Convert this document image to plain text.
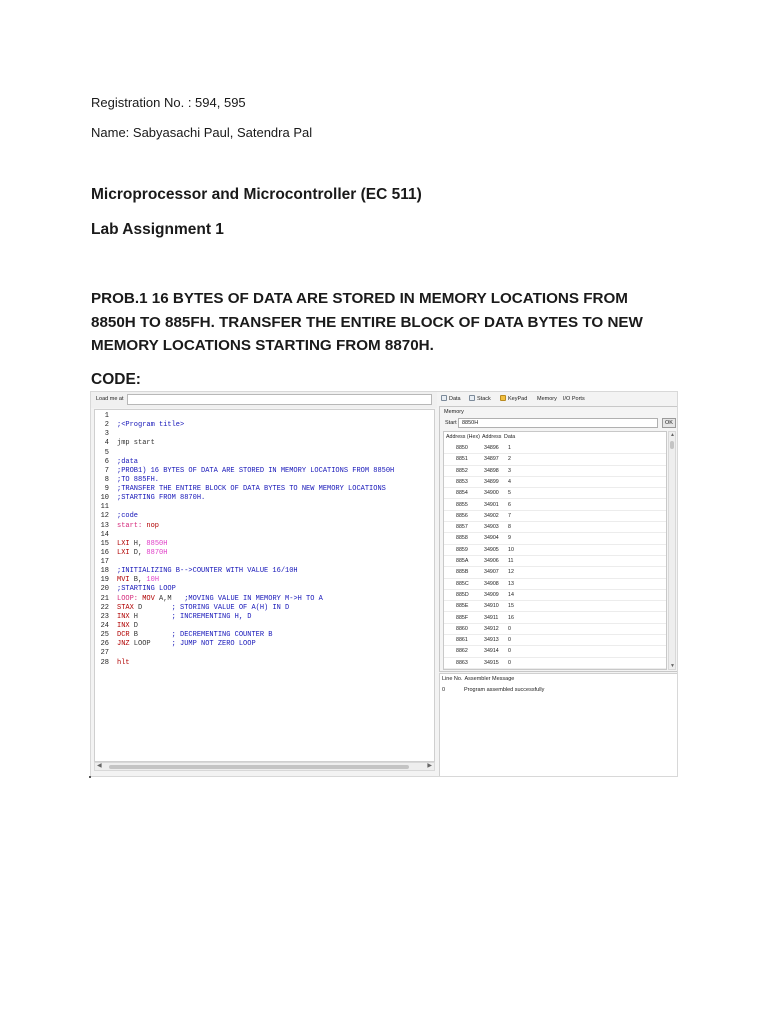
Registration No. : 594, 595

Name: Sabyasachi Paul, Satendra Pal

Microprocessor and Microcontroller (EC 511)

Lab Assignment 1

PROB.1 16 BYTES OF DATA ARE STORED IN MEMORY LOCATIONS FROM 8850H TO 885FH. TRANSFER THE ENTIRE BLOCK OF DATA BYTES TO NEW MEMORY LOCATIONS STARTING FROM 8870H.

CODE:

Load me at
1
2 ;<Program title>
3
4 jmp start
5
6 ;data
7 ;PROB1) 16 BYTES OF DATA ARE STORED IN MEMORY LOCATIONS FROM 8850H
8 ;TO 885FH.
9 ;TRANSFER THE ENTIRE BLOCK OF DATA BYTES TO NEW MEMORY LOCATIONS
10 ;STARTING FROM 8870H.
11
12 ;code
13 start: nop
14
15 LXI H, 8850H
16 LXI D, 8870H
17
18 ;INITIALIZING B-->COUNTER WITH VALUE 16/10H
19 MVI B, 10H
20 ;STARTING LOOP
21 LOOP: MOV A,M   ;MOVING VALUE IN MEMORY M->H TO A
22 STAX D       ; STORING VALUE OF A(H) IN D
23 INX H        ; INCREMENTING H, D
24 INX D
25 DCR B        ; DECREMENTING COUNTER B
26 JNZ LOOP     ; JUMP NOT ZERO LOOP
27
28 hlt
◀	▶
Data	Stack	KeyPad Memory I/O Ports
Memory
Start 8850H	OK
Address (Hex) Address Data
8850	34896 1
8851	34897 2
8852	34898 3
8853	34899 4
8854	34900 5
8855	34901 6
8856	34902 7
8857	34903 8
8858	34904 9
8859	34905 10
885A	34906 11
885B	34907 12
885C	34908 13
885D	34909 14
885E	34910 15
885F	34911 16
8860	34912 0
8861	34913 0
8862	34914 0
8863	34915 0
▲
▼
Line No. Assembler Message
0	Program assembled successfully
